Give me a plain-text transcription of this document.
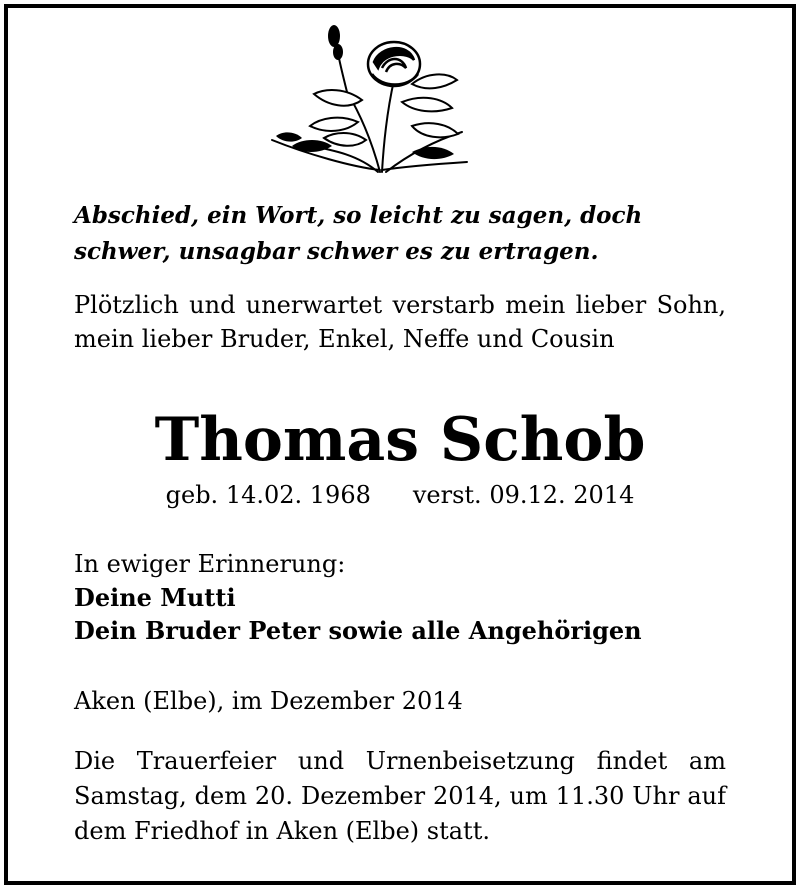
Abschied, ein Wort, so leicht zu sagen, doch
schwer, unsagbar schwer es zu ertragen.
Plötzlich und unerwartet verstarb mein lieber Sohn, mein lieber Bruder, Enkel, Neffe und Cousin
Thomas Schob
geb. 14.02. 1968 verst. 09.12. 2014
In ewiger Erinnerung:
Deine Mutti
Dein Bruder Peter sowie alle Angehörigen
Aken (Elbe), im Dezember 2014
Die Trauerfeier und Urnenbeisetzung findet am Samstag, dem 20. Dezember 2014, um 11.30 Uhr auf dem Friedhof in Aken (Elbe) statt.
